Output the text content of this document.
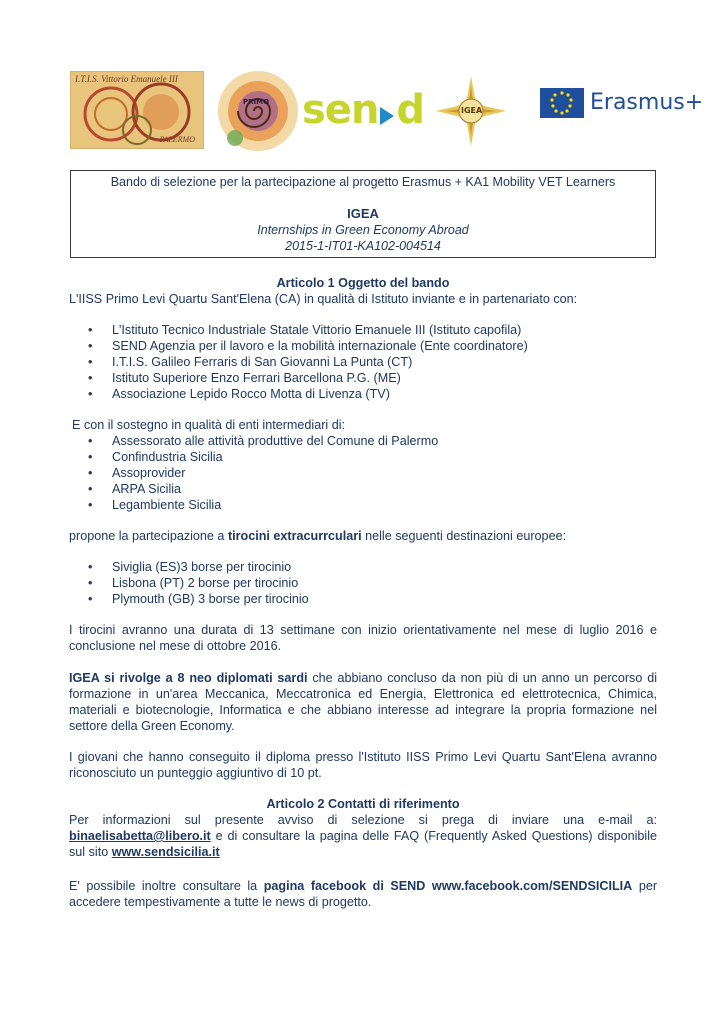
I.T.I.S. Vittorio Emanuele III
PALERMO
PRIMO sen d	IGEA	Erasmus+
Bando di selezione per la partecipazione al progetto Erasmus + KA1 Mobility VET Learners
IGEA
Internships in Green Economy Abroad
2015-1-IT01-KA102-004514
Articolo 1 Oggetto del bando
L'IISS Primo Levi Quartu Sant'Elena (CA) in qualità di Istituto inviante e in partenariato con:
• L'Istituto Tecnico Industriale Statale Vittorio Emanuele III (Istituto capofila)
• SEND Agenzia per il lavoro e la mobilità internazionale (Ente coordinatore)
• I.T.I.S. Galileo Ferraris di San Giovanni La Punta (CT)
• Istituto Superiore Enzo Ferrari Barcellona P.G. (ME)
• Associazione Lepido Rocco Motta di Livenza (TV)
E con il sostegno in qualità di enti intermediari di:
• Assessorato alle attività produttive del Comune di Palermo
• Confindustria Sicilia
• Assoprovider
• ARPA Sicilia
• Legambiente Sicilia
propone la partecipazione a tirocini extracurrculari nelle seguenti destinazioni europee:
• Siviglia (ES)3 borse per tirocinio
• Lisbona (PT) 2 borse per tirocinio
• Plymouth (GB) 3 borse per tirocinio
I tirocini avranno una durata di 13 settimane con inizio orientativamente nel mese di luglio 2016 e conclusione nel mese di ottobre 2016.
IGEA si rivolge a 8 neo diplomati sardi che abbiano concluso da non più di un anno un percorso di formazione in un'area Meccanica, Meccatronica ed Energia, Elettronica ed elettrotecnica, Chimica, materiali e biotecnologie, Informatica e che abbiano interesse ad integrare la propria formazione nel settore della Green Economy.
I giovani che hanno conseguito il diploma presso l'Istituto IISS Primo Levi Quartu Sant'Elena avranno riconosciuto un punteggio aggiuntivo di 10 pt.
Articolo 2 Contatti di riferimento
Per informazioni sul presente avviso di selezione si prega di inviare una e-mail a: binaelisabetta@libero.it e di consultare la pagina delle FAQ (Frequently Asked Questions) disponibile sul sito www.sendsicilia.it
E' possibile inoltre consultare la pagina facebook di SEND www.facebook.com/SENDSICILIA per accedere tempestivamente a tutte le news di progetto.
